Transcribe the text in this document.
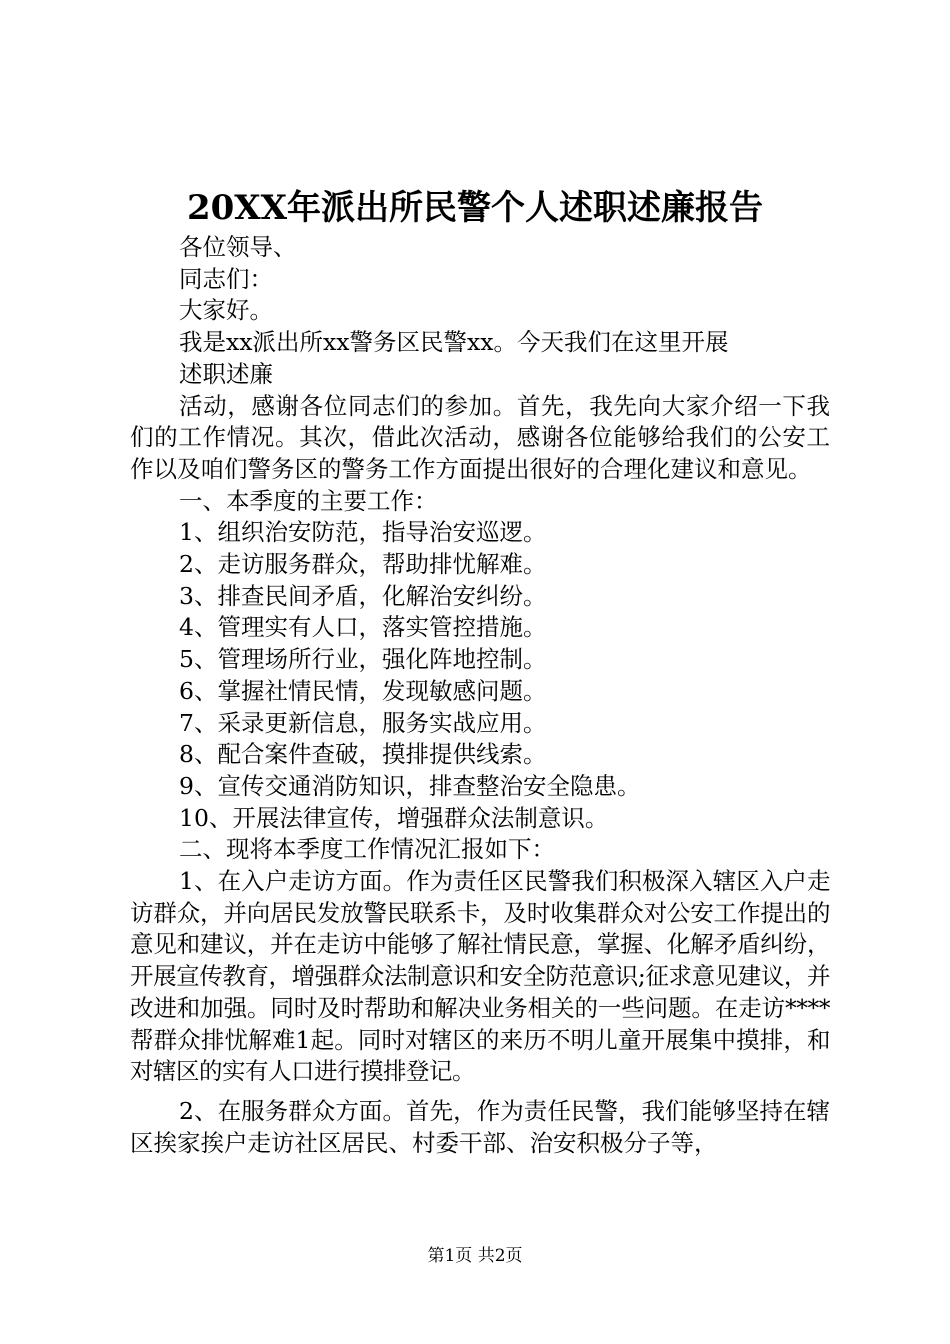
20XX年派出所民警个人述职述廉报告

各位领导、

同志们：

大家好。

我是xx派出所xx警务区民警xx。今天我们在这里开展

述职述廉

活动，感谢各位同志们的参加。首先，我先向大家介绍一下我们的工作情况。其次，借此次活动，感谢各位能够给我们的公安工作以及咱们警务区的警务工作方面提出很好的合理化建议和意见。

一、本季度的主要工作：

1、组织治安防范，指导治安巡逻。

2、走访服务群众，帮助排忧解难。

3、排查民间矛盾，化解治安纠纷。

4、管理实有人口，落实管控措施。

5、管理场所行业，强化阵地控制。

6、掌握社情民情，发现敏感问题。

7、采录更新信息，服务实战应用。

8、配合案件查破，摸排提供线索。

9、宣传交通消防知识，排查整治安全隐患。

10、开展法律宣传，增强群众法制意识。

二、现将本季度工作情况汇报如下：

1、在入户走访方面。作为责任区民警我们积极深入辖区入户走访群众，并向居民发放警民联系卡，及时收集群众对公安工作提出的意见和建议，并在走访中能够了解社情民意，掌握、化解矛盾纠纷，开展宣传教育，增强群众法制意识和安全防范意识;征求意见建议，并改进和加强。同时及时帮助和解决业务相关的一些问题。在走访****帮群众排忧解难1起。同时对辖区的来历不明儿童开展集中摸排，和对辖区的实有人口进行摸排登记。

2、在服务群众方面。首先，作为责任民警，我们能够坚持在辖区挨家挨户走访社区居民、村委干部、治安积极分子等，

第1页 共2页
